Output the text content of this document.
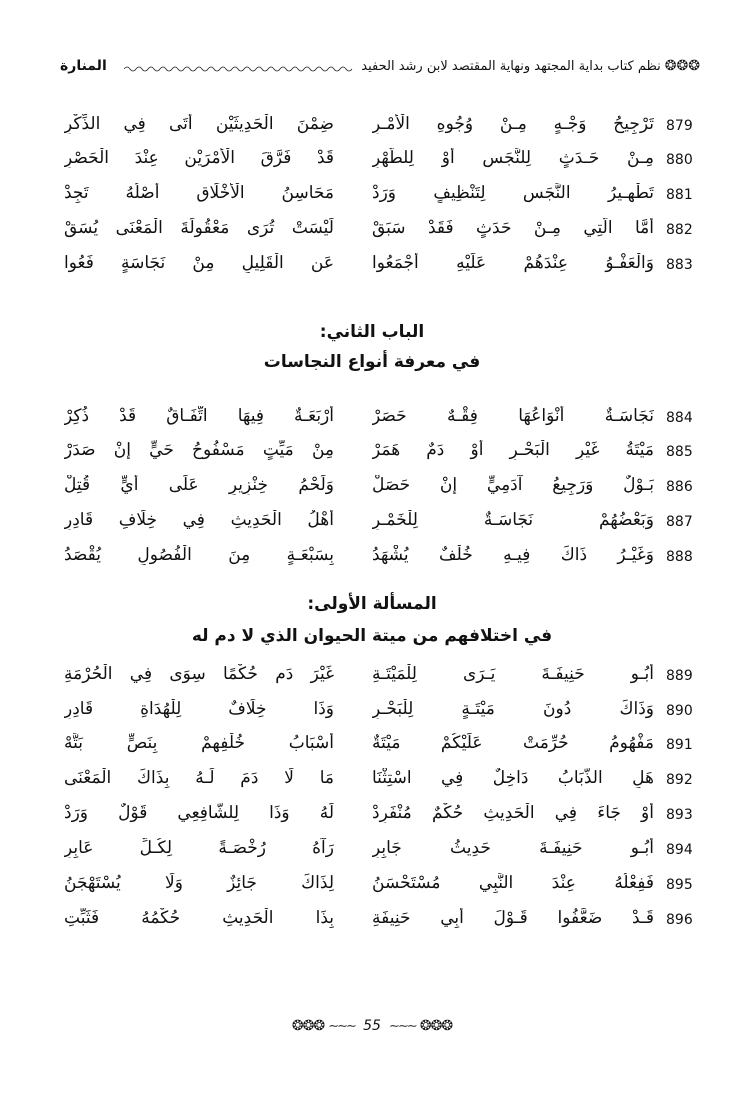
المنارة	❂❂❂نظم كتاب بداية المجتهد ونهاية المقتصد لابن رشد الحفيد
879
تَرْجِيحُ وَجْـهٍ مِـنْ وُجُوهِ الْأَمْـرِ
ضِمْنَ الْحَدِيثَيْنِ أَتَى فِي الذِّكْرِ
880
مِـنْ حَـدَثٍ لِلنَّجَسِ أَوْ لِلطُّهْرِ
قَدْ فَرَّقَ الْأَمْرَيْنِ عِنْدَ الْحَصْرِ
881
تَطْهِـيرُ النَّجَسِ لِتَنْظِيفٍ وَرَدْ
مَحَاسِنُ الْأَخْلَاقِ أَصْلُهُ تَجِدْ
882
أَمَّا الَّتِي مِـنْ حَدَثٍ فَقَدْ سَبَقْ
لَيْسَتْ تُرَى مَعْقُولَةَ الْمَعْنَى يُسَقْ
883
وَالْعَفْـوُ عِنْدَهُمْ عَلَيْهِ أَجْمَعُوا
عَنِ الْقَلِيلِ مِنْ نَجَاسَةٍ فَعُوا
الباب الثاني:
في معرفة أنواع النجاسات
884
نَجَاسَـةٌ أَنْوَاعُهَا فِقْـهٌ حَصَرْ
أَرْبَعَـةٌ فِيهَا اتِّفَـاقٌ قَدْ ذُكِرْ
885
مَيْتَةُ غَيْرِ الْبَحْـرِ أَوْ دَمٌ هَمَرْ
مِنْ مَيِّتٍ مَسْفُوحُ حَيٍّ إِنْ صَدَرْ
886
بَـوْلٌ وَرَجِيعُ آدَمِيٍّ إِنْ حَصَلْ
وَلَحْمُ خِنْزِيرٍ عَلَى أَيٍّ قُتِلْ
887
وَبَعْضُهُمْ نَجَاسَـةٌ لِلْخَمْـرِ
أَهْلُ الْحَدِيثِ فِي خِلَافِ قَادِرِ
888
وَغَيْـرُ ذَاكَ فِيـهِ خُلْفٌ يُشْهَدُ
بِسَبْعَـةٍ مِنَ الْفُصُولِ يُقْصَدُ
المسألة الأولى:
في اختلافهم من ميتة الحيوان الذي لا دم له
889
أَبُـو حَنِيفَـةَ يَـرَى لِلْمَيْتَـةِ
غَيْرَ دَمٍ حُكْمًا سِوَى فِي الْحُرْمَةِ
890
وَذَاكَ دُونَ مَيْتَـةٍ لِلْبَحْـرِ
وَذَا خِلَافٌ لِلْهُدَاةِ قَادِرِ
891
مَفْهُومُ حُرِّمَتْ عَلَيْكُمْ مَيْتَةٌ
أَسْبَابُ خُلْفِهِمْ بِنَصٍّ بَتَّهْ
892
هَلِ الذُّبَابُ دَاخِلٌ فِي اسْتِثْنَا
مَا لَا دَمَ لَـهُ بِذَاكَ الْمَعْنَى
893
أَوْ جَاءَ فِي الْحَدِيثِ حُكْمٌ مُنْفَرِدْ
لَهُ وَذَا لِلشَّافِعِي قَوْلٌ وَرَدْ
894
أَبُـو حَنِيفَـةَ حَدِيثُ جَابِرِ
رَآهُ رُخْصَـةً لِكُـلِّ عَابِرِ
895
فَفِعْلُهُ عِنْدَ النَّبِي مُسْتَحْسَنُ
لِذَاكَ جَائِزٌ وَلَا يُسْتَهْجَنُ
896
قَـدْ ضَعَّفُوا قَـوْلَ أَبِي حَنِيفَةِ
بِذَا الْحَدِيثِ حُكْمُهُ فَثَبِّتِ
❂❂❂ ∼∼∼ 55 ∼∼∼ ❂❂❂
